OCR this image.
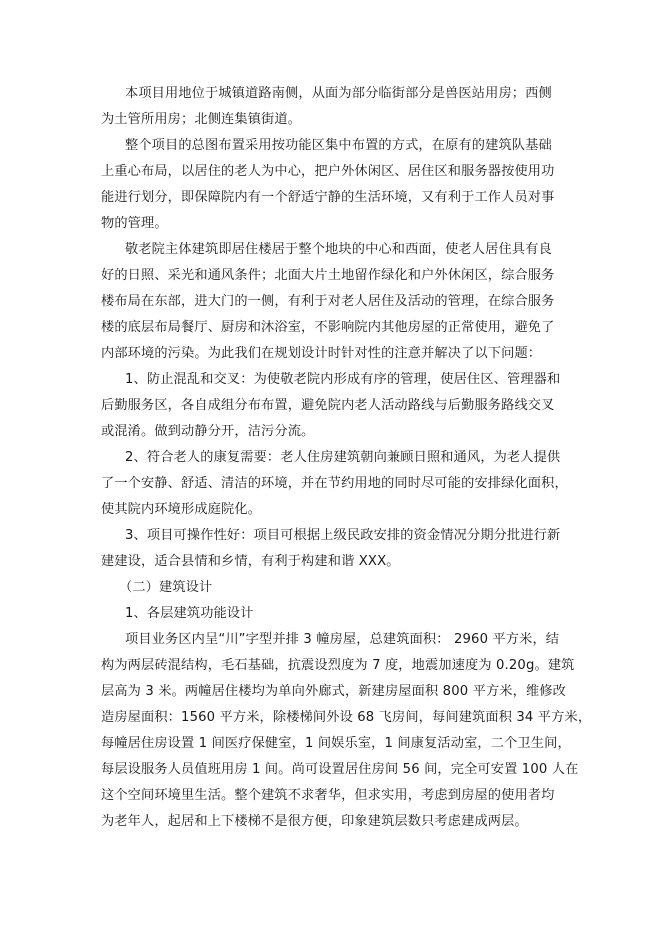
本项目用地位于城镇道路南侧，从面为部分临街部分是兽医站用房；西侧
为土管所用房；北侧连集镇街道。
整个项目的总图布置采用按功能区集中布置的方式，在原有的建筑队基础
上重心布局，以居住的老人为中心，把户外休闲区、居住区和服务器按使用功
能进行划分，即保障院内有一个舒适宁静的生活环境，又有利于工作人员对事
物的管理。
敬老院主体建筑即居住楼居于整个地块的中心和西面，使老人居住具有良
好的日照、采光和通风条件；北面大片土地留作绿化和户外休闲区，综合服务
楼布局在东部，进大门的一侧，有利于对老人居住及活动的管理，在综合服务
楼的底层布局餐厅、厨房和沐浴室，不影响院内其他房屋的正常使用，避免了
内部环境的污染。为此我们在规划设计时针对性的注意并解决了以下问题：
1、防止混乱和交叉：为使敬老院内形成有序的管理，使居住区、管理器和
后勤服务区，各自成组分布布置，避免院内老人活动路线与后勤服务路线交叉
或混淆。做到动静分开，洁污分流。
2、符合老人的康复需要：老人住房建筑朝向兼顾日照和通风，为老人提供
了一个安静、舒适、清洁的环境，并在节约用地的同时尽可能的安排绿化面积，
使其院内环境形成庭院化。
3、项目可操作性好：项目可根据上级民政安排的资金情况分期分批进行新
建建设，适合县情和乡情，有利于构建和谐 XXX。
（二）建筑设计
1、各层建筑功能设计
项目业务区内呈“川”字型并排 3 幢房屋，总建筑面积： 2960 平方米，结
构为两层砖混结构，毛石基础，抗震设烈度为 7 度，地震加速度为 0.20g。建筑
层高为 3 米。两幢居住楼均为单向外廊式，新建房屋面积 800 平方米，维修改
造房屋面积：1560 平方米，除楼梯间外设 68 飞房间，每间建筑面积 34 平方米，
每幢居住房设置 1 间医疗保健室，1 间娱乐室，1 间康复活动室，二个卫生间，
每层设服务人员值班用房 1 间。尚可设置居住房间 56 间，完全可安置 100 人在
这个空间环境里生活。整个建筑不求奢华，但求实用，考虑到房屋的使用者均
为老年人，起居和上下楼梯不是很方便，印象建筑层数只考虑建成两层。
